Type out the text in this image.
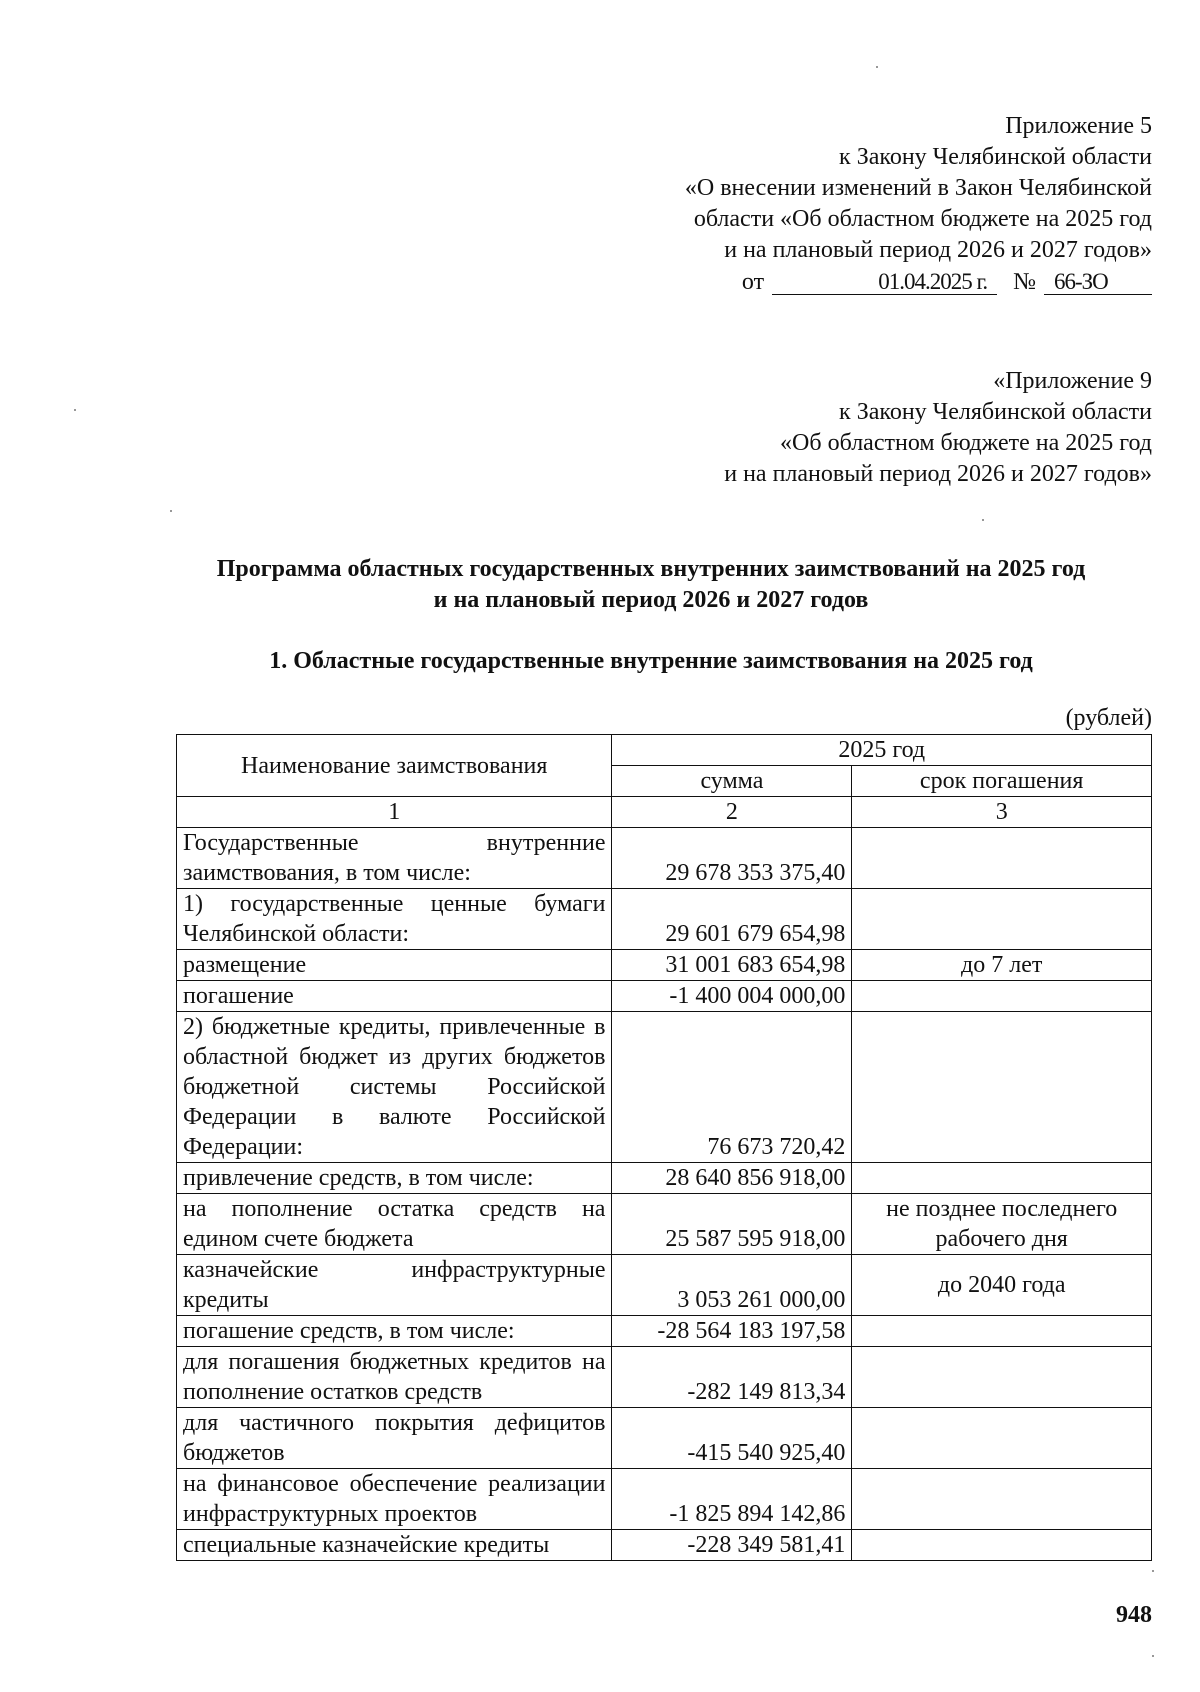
Приложение 5
к Закону Челябинской области
«О внесении изменений в Закон Челябинской
области «Об областном бюджете на 2025 год
и на плановый период 2026 и 2027 годов»
от	01.04.2025 г.	№ 66-ЗО
«Приложение 9
к Закону Челябинской области
«Об областном бюджете на 2025 год
и на плановый период 2026 и 2027 годов»
Программа областных государственных внутренних заимствований на 2025 год
и на плановый период 2026 и 2027 годов
1. Областные государственные внутренние заимствования на 2025 год
(рублей)
Наименование заимствования	2025 год	
	сумма	срок погашения
1	2	3
Государственные внутренние заимствования, в том числе:	29 678 353 375,40	
1) государственные ценные бумаги Челябинской области:	29 601 679 654,98	
размещение	31 001 683 654,98	до 7 лет
погашение	-1 400 004 000,00	
2) бюджетные кредиты, привлеченные в областной бюджет из других бюджетов бюджетной системы Российской Федерации в валюте Российской Федерации:	76 673 720,42	
привлечение средств, в том числе:	28 640 856 918,00	
на пополнение остатка средств на едином счете бюджета	25 587 595 918,00	не позднее последнего рабочего дня
казначейские инфраструктурные кредиты	3 053 261 000,00	до 2040 года
погашение средств, в том числе:	-28 564 183 197,58	
для погашения бюджетных кредитов на пополнение остатков средств	-282 149 813,34	
для частичного покрытия дефицитов бюджетов	-415 540 925,40	
на финансовое обеспечение реализации инфраструктурных проектов	-1 825 894 142,86	
специальные казначейские кредиты	-228 349 581,41	
948
